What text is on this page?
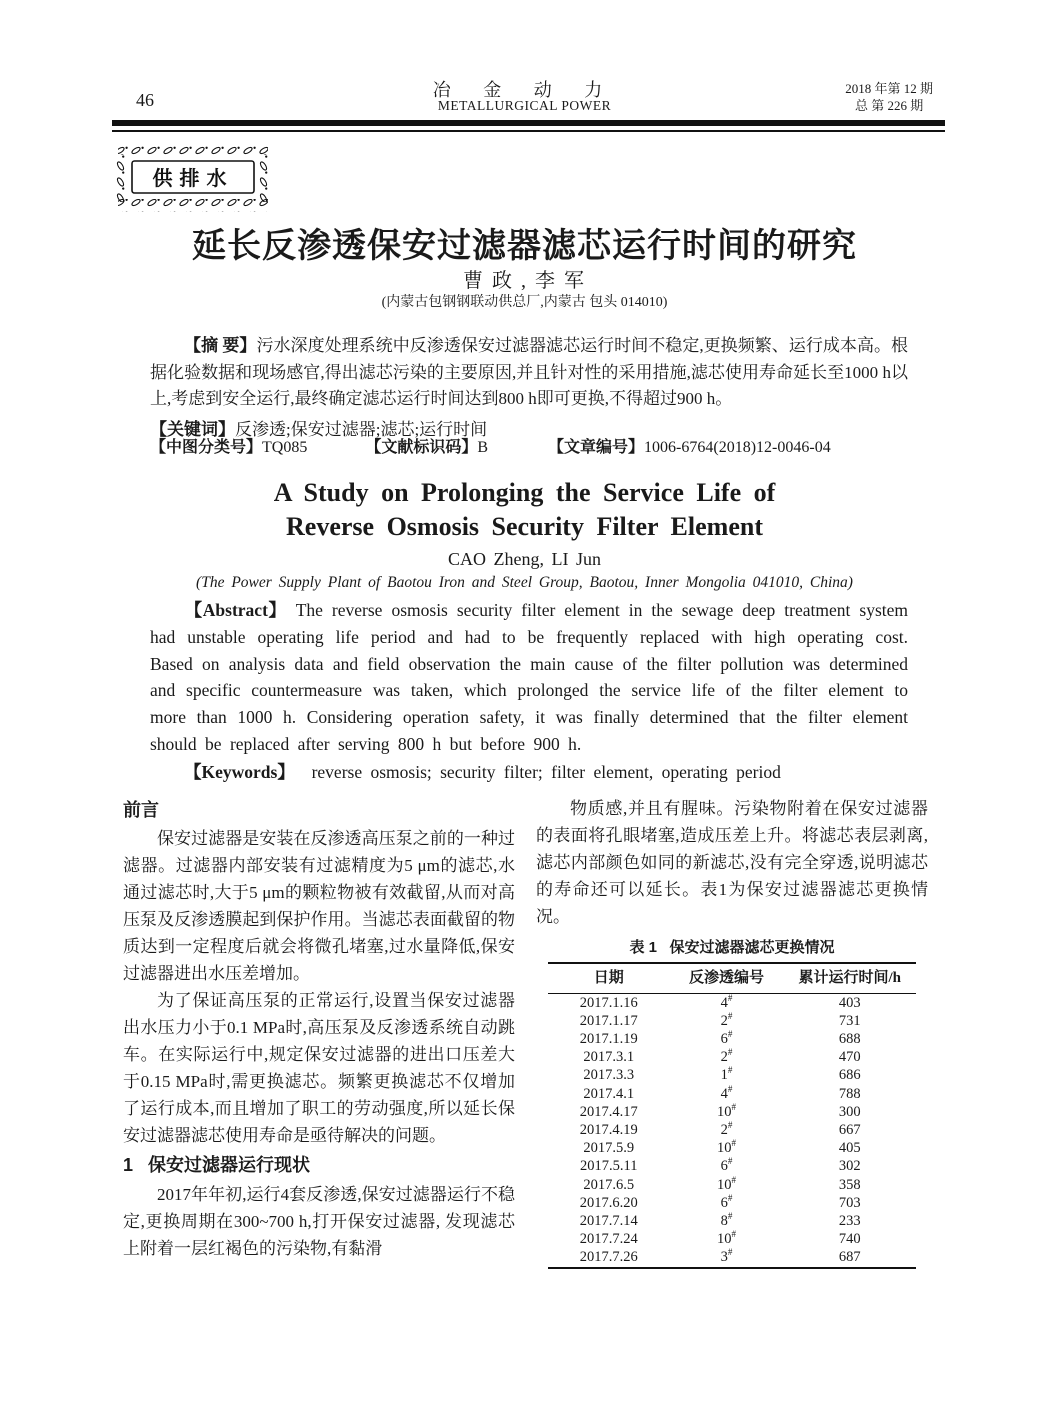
46	冶 金 动 力
METALLURGICAL POWER
2018 年第 12 期
总 第 226 期
供排水
延长反渗透保安过滤器滤芯运行时间的研究
曹 政 , 李 军
(内蒙古包钢钢联动供总厂,内蒙古 包头 014010)

【摘 要】污水深度处理系统中反渗透保安过滤器滤芯运行时间不稳定,更换频繁、运行成本高。根据化验数据和现场感官,得出滤芯污染的主要原因,并且针对性的采用措施,滤芯使用寿命延长至1000 h以上,考虑到安全运行,最终确定滤芯运行时间达到800 h即可更换,不得超过900 h。

【关键词】反渗透;保安过滤器;滤芯;运行时间

【中图分类号】TQ085	【文献标识码】B	【文章编号】1006-6764(2018)12-0046-04

A Study on Prolonging the Service Life of
Reverse Osmosis Security Filter Element
CAO Zheng, LI Jun
(The Power Supply Plant of Baotou Iron and Steel Group, Baotou, Inner Mongolia 041010, China)

【Abstract】 The reverse osmosis security filter element in the sewage deep treatment system had unstable operating life period and had to be frequently replaced with high operating cost. Based on analysis data and field observation the main cause of the filter pollution was determined and specific countermeasure was taken, which prolonged the service life of the filter element to more than 1000 h. Considering operation safety, it was finally determined that the filter element should be replaced after serving 800 h but before 900 h.

【Keywords】 reverse osmosis; security filter; filter element, operating period

前言

保安过滤器是安装在反渗透高压泵之前的一种过滤器。过滤器内部安装有过滤精度为5 μm的滤芯,水通过滤芯时,大于5 μm的颗粒物被有效截留,从而对高压泵及反渗透膜起到保护作用。当滤芯表面截留的物质达到一定程度后就会将微孔堵塞,过水量降低,保安过滤器进出水压差增加。

为了保证高压泵的正常运行,设置当保安过滤器出水压力小于0.1 MPa时,高压泵及反渗透系统自动跳车。在实际运行中,规定保安过滤器的进出口压差大于0.15 MPa时,需更换滤芯。频繁更换滤芯不仅增加了运行成本,而且增加了职工的劳动强度,所以延长保安过滤器滤芯使用寿命是亟待解决的问题。

1   保安过滤器运行现状

2017年年初,运行4套反渗透,保安过滤器运行不稳定,更换周期在300~700 h,打开保安过滤器, 发现滤芯上附着一层红褐色的污染物,有黏滑

物质感,并且有腥味。污染物附着在保安过滤器的表面将孔眼堵塞,造成压差上升。将滤芯表层剥离,滤芯内部颜色如同的新滤芯,没有完全穿透,说明滤芯的寿命还可以延长。表1为保安过滤器滤芯更换情况。

表 1   保安过滤器滤芯更换情况
日期	反渗透编号	累计运行时间/h
2017.1.16	4#	403
2017.1.17	2#	731
2017.1.19	6#	688
2017.3.1	2#	470
2017.3.3	1#	686
2017.4.1	4#	788
2017.4.17	10#	300
2017.4.19	2#	667
2017.5.9	10#	405
2017.5.11	6#	302
2017.6.5	10#	358
2017.6.20	6#	703
2017.7.14	8#	233
2017.7.24	10#	740
2017.7.26	3#	687
